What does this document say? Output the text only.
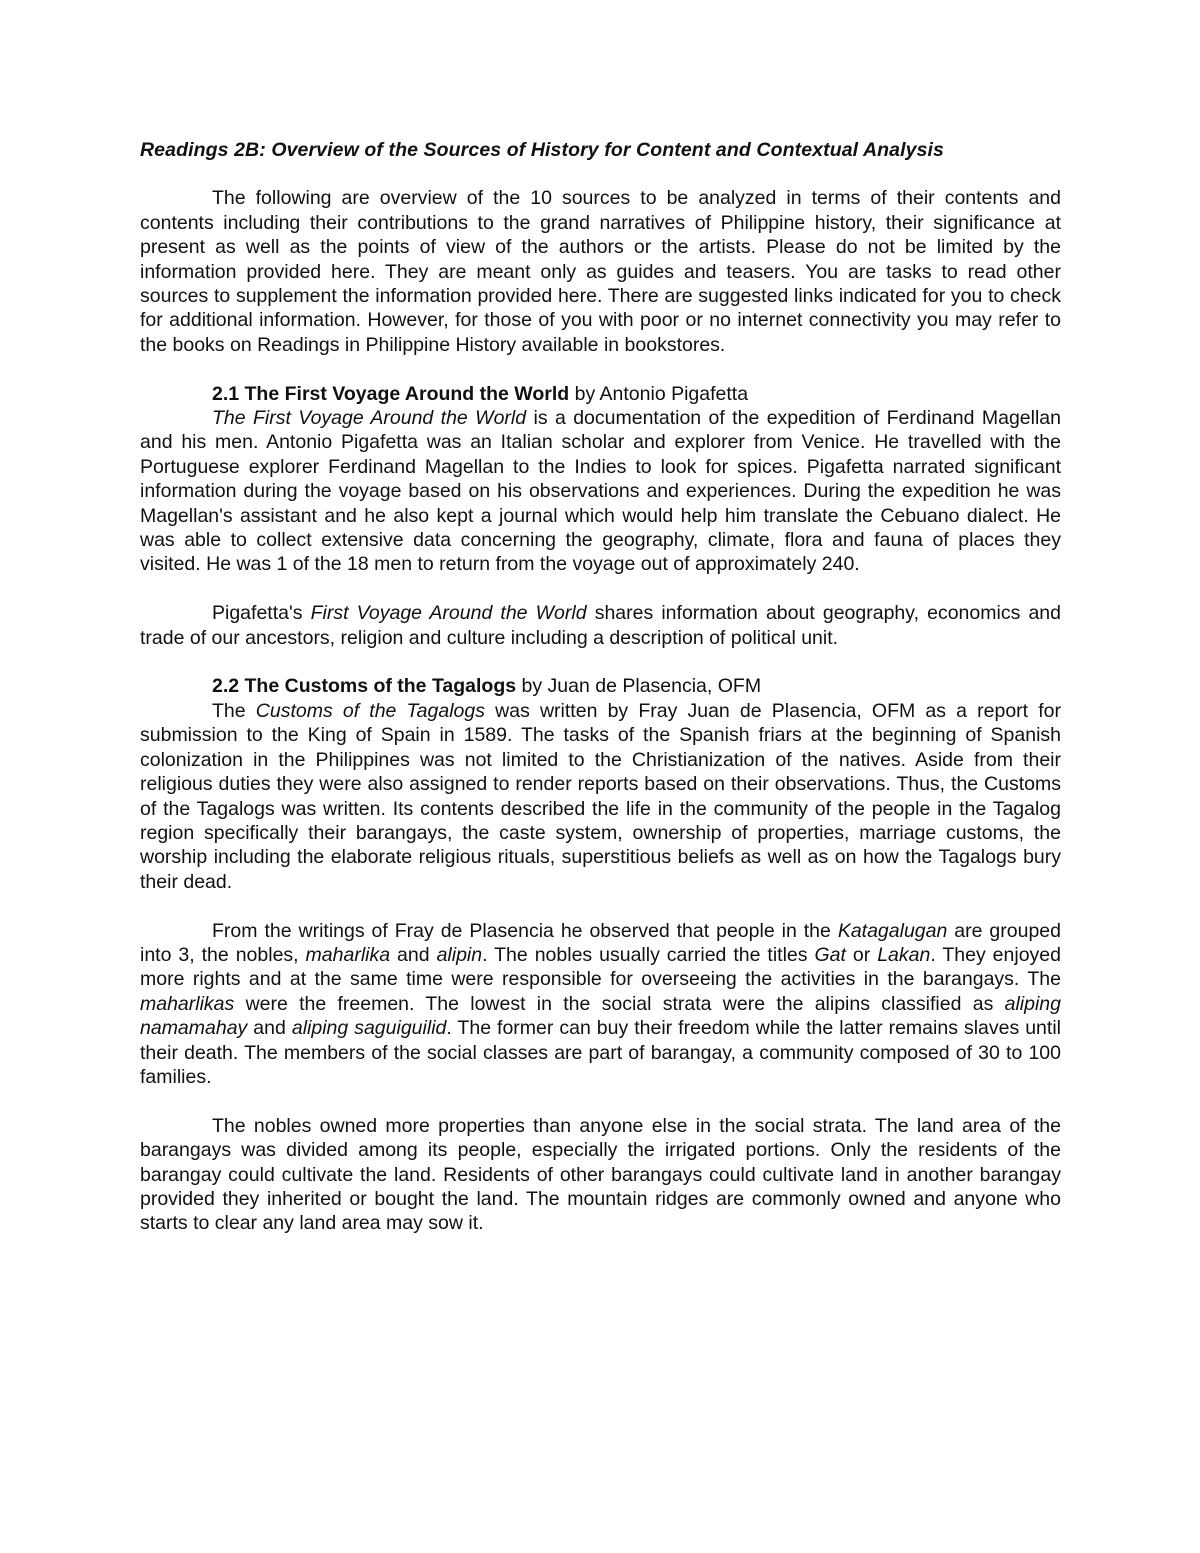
Readings 2B: Overview of the Sources of History for Content and Contextual Analysis

The following are overview of the 10 sources to be analyzed in terms of their contents and contents including their contributions to the grand narratives of Philippine history, their significance at present as well as the points of view of the authors or the artists. Please do not be limited by the information provided here. They are meant only as guides and teasers. You are tasks to read other sources to supplement the information provided here. There are suggested links indicated for you to check for additional information. However, for those of you with poor or no internet connectivity you may refer to the books on Readings in Philippine History available in bookstores.

2.1 The First Voyage Around the World by Antonio Pigafetta

The First Voyage Around the World is a documentation of the expedition of Ferdinand Magellan and his men. Antonio Pigafetta was an Italian scholar and explorer from Venice. He travelled with the Portuguese explorer Ferdinand Magellan to the Indies to look for spices. Pigafetta narrated significant information during the voyage based on his observations and experiences. During the expedition he was Magellan's assistant and he also kept a journal which would help him translate the Cebuano dialect. He was able to collect extensive data concerning the geography, climate, flora and fauna of places they visited. He was 1 of the 18 men to return from the voyage out of approximately 240.

Pigafetta's First Voyage Around the World shares information about geography, economics and trade of our ancestors, religion and culture including a description of political unit.

2.2 The Customs of the Tagalogs by Juan de Plasencia, OFM

The Customs of the Tagalogs was written by Fray Juan de Plasencia, OFM as a report for submission to the King of Spain in 1589. The tasks of the Spanish friars at the beginning of Spanish colonization in the Philippines was not limited to the Christianization of the natives. Aside from their religious duties they were also assigned to render reports based on their observations. Thus, the Customs of the Tagalogs was written. Its contents described the life in the community of the people in the Tagalog region specifically their barangays, the caste system, ownership of properties, marriage customs, the worship including the elaborate religious rituals, superstitious beliefs as well as on how the Tagalogs bury their dead.

From the writings of Fray de Plasencia he observed that people in the Katagalugan are grouped into 3, the nobles, maharlika and alipin. The nobles usually carried the titles Gat or Lakan. They enjoyed more rights and at the same time were responsible for overseeing the activities in the barangays. The maharlikas were the freemen. The lowest in the social strata were the alipins classified as aliping namamahay and aliping saguiguilid. The former can buy their freedom while the latter remains slaves until their death. The members of the social classes are part of barangay, a community composed of 30 to 100 families.

The nobles owned more properties than anyone else in the social strata. The land area of the barangays was divided among its people, especially the irrigated portions. Only the residents of the barangay could cultivate the land. Residents of other barangays could cultivate land in another barangay provided they inherited or bought the land. The mountain ridges are commonly owned and anyone who starts to clear any land area may sow it.
